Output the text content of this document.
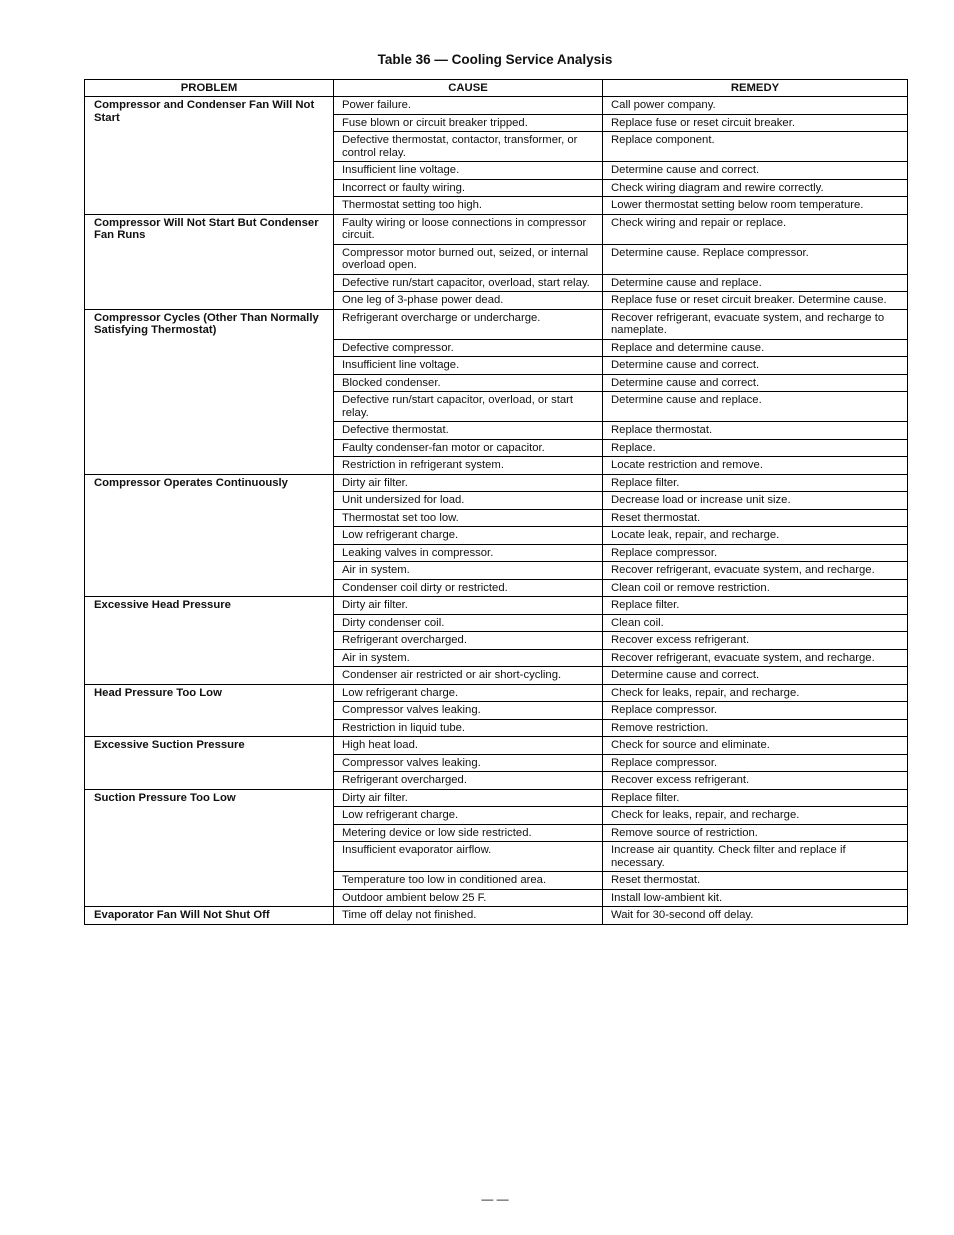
Table 36 — Cooling Service Analysis
PROBLEM	CAUSE	REMEDY
Compressor and Condenser Fan Will Not Start	Power failure.	Call power company.
	Fuse blown or circuit breaker tripped.	Replace fuse or reset circuit breaker.
	Defective thermostat, contactor, transformer, or control relay.	Replace component.
	Insufficient line voltage.	Determine cause and correct.
	Incorrect or faulty wiring.	Check wiring diagram and rewire correctly.
	Thermostat setting too high.	Lower thermostat setting below room temperature.
Compressor Will Not Start But Condenser Fan Runs	Faulty wiring or loose connections in compressor circuit.	Check wiring and repair or replace.
	Compressor motor burned out, seized, or internal overload open.	Determine cause. Replace compressor.
	Defective run/start capacitor, overload, start relay.	Determine cause and replace.
	One leg of 3-phase power dead.	Replace fuse or reset circuit breaker. Determine cause.
Compressor Cycles (Other Than Normally Satisfying Thermostat)	Refrigerant overcharge or undercharge.	Recover refrigerant, evacuate system, and recharge to nameplate.
	Defective compressor.	Replace and determine cause.
	Insufficient line voltage.	Determine cause and correct.
	Blocked condenser.	Determine cause and correct.
	Defective run/start capacitor, overload, or start relay.	Determine cause and replace.
	Defective thermostat.	Replace thermostat.
	Faulty condenser-fan motor or capacitor.	Replace.
	Restriction in refrigerant system.	Locate restriction and remove.
Compressor Operates Continuously	Dirty air filter.	Replace filter.
	Unit undersized for load.	Decrease load or increase unit size.
	Thermostat set too low.	Reset thermostat.
	Low refrigerant charge.	Locate leak, repair, and recharge.
	Leaking valves in compressor.	Replace compressor.
	Air in system.	Recover refrigerant, evacuate system, and recharge.
	Condenser coil dirty or restricted.	Clean coil or remove restriction.
Excessive Head Pressure	Dirty air filter.	Replace filter.
	Dirty condenser coil.	Clean coil.
	Refrigerant overcharged.	Recover excess refrigerant.
	Air in system.	Recover refrigerant, evacuate system, and recharge.
	Condenser air restricted or air short-cycling.	Determine cause and correct.
Head Pressure Too Low	Low refrigerant charge.	Check for leaks, repair, and recharge.
	Compressor valves leaking.	Replace compressor.
	Restriction in liquid tube.	Remove restriction.
Excessive Suction Pressure	High heat load.	Check for source and eliminate.
	Compressor valves leaking.	Replace compressor.
	Refrigerant overcharged.	Recover excess refrigerant.
Suction Pressure Too Low	Dirty air filter.	Replace filter.
	Low refrigerant charge.	Check for leaks, repair, and recharge.
	Metering device or low side restricted.	Remove source of restriction.
	Insufficient evaporator airflow.	Increase air quantity. Check filter and replace if necessary.
	Temperature too low in conditioned area.	Reset thermostat.
	Outdoor ambient below 25 F.	Install low-ambient kit.
Evaporator Fan Will Not Shut Off	Time off delay not finished.	Wait for 30-second off delay.
— —
